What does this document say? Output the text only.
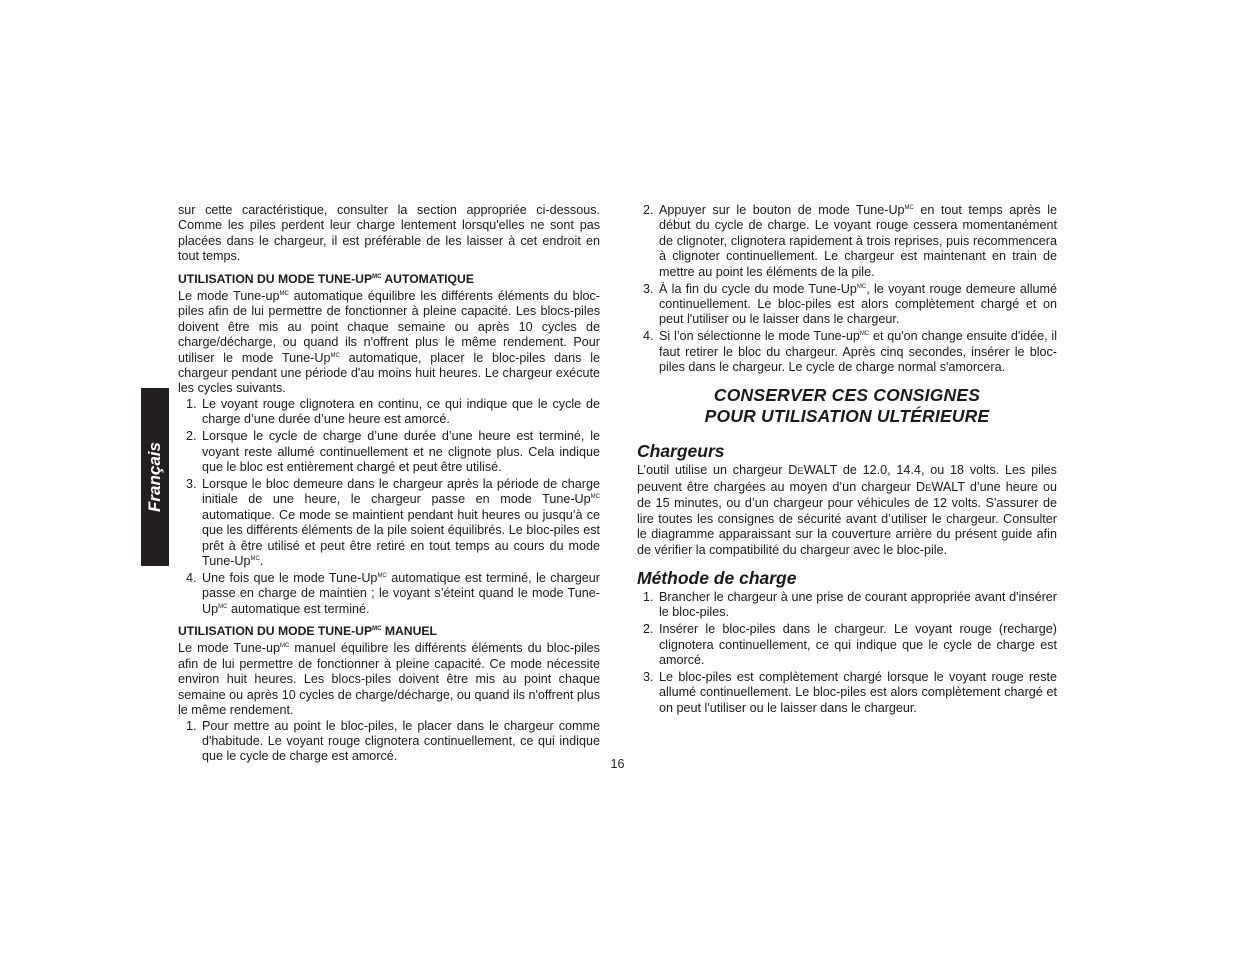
Français

sur cette caractéristique, consulter la section appropriée ci-dessous. Comme les piles perdent leur charge lentement lorsqu'elles ne sont pas placées dans le chargeur, il est préférable de les laisser à cet endroit en tout temps.

UTILISATION DU MODE TUNE-$UP^{MC}$ AUTOMATIQUE

Le mode Tune-$up^{MC}$ automatique équilibre les différents éléments du bloc-piles afin de lui permettre de fonctionner à pleine capacité. Les blocs-piles doivent être mis au point chaque semaine ou après 10 cycles de charge/décharge, ou quand ils n'offrent plus le même rendement. Pour utiliser le mode Tune-$Up^{MC}$ automatique, placer le bloc-piles dans le chargeur pendant une période d'au moins huit heures. Le chargeur exécute les cycles suivants.

1. Le voyant rouge clignotera en continu, ce qui indique que le cycle de charge d’une durée d’une heure est amorcé.
2. Lorsque le cycle de charge d’une durée d’une heure est terminé, le voyant reste allumé continuellement et ne clignote plus. Cela indique que le bloc est entièrement chargé et peut être utilisé.
3. Lorsque le bloc demeure dans le chargeur après la période de charge initiale de une heure, le chargeur passe en mode Tune-$Up^{MC}$ automatique. Ce mode se maintient pendant huit heures ou jusqu’à ce que les différents éléments de la pile soient équilibrés. Le bloc-piles est prêt à être utilisé et peut être retiré en tout temps au cours du mode Tune-$Up^{MC}$.
4. Une fois que le mode Tune-$Up^{MC}$ automatique est terminé, le chargeur passe en charge de maintien ; le voyant s’éteint quand le mode Tune-$Up^{MC}$ automatique est terminé.
UTILISATION DU MODE TUNE-$UP^{MC}$ MANUEL

Le mode Tune-$up^{MC}$ manuel équilibre les différents éléments du bloc-piles afin de lui permettre de fonctionner à pleine capacité. Ce mode nécessite environ huit heures. Les blocs-piles doivent être mis au point chaque semaine ou après 10 cycles de charge/décharge, ou quand ils n'offrent plus le même rendement.

1. Pour mettre au point le bloc-piles, le placer dans le chargeur comme d'habitude. Le voyant rouge clignotera continuellement, ce qui indique que le cycle de charge est amorcé.
2. Appuyer sur le bouton de mode Tune-$Up^{MC}$ en tout temps après le début du cycle de charge. Le voyant rouge cessera momentanément de clignoter, clignotera rapidement à trois reprises, puis recommencera à clignoter continuellement. Le chargeur est maintenant en train de mettre au point les éléments de la pile.
3. À la fin du cycle du mode Tune-$Up^{MC}$, le voyant rouge demeure allumé continuellement. Le bloc-piles est alors complètement chargé et on peut l'utiliser ou le laisser dans le chargeur.
4. Si l’on sélectionne le mode Tune-$up^{MC}$ et qu'on change ensuite d'idée, il faut retirer le bloc du chargeur. Après cinq secondes, insérer le bloc-piles dans le chargeur. Le cycle de charge normal s'amorcera.
CONSERVER CES CONSIGNES
POUR UTILISATION ULTÉRIEURE
Chargeurs

L’outil utilise un chargeur DEWALT de 12.0, 14.4, ou 18 volts. Les piles peuvent être chargées au moyen d’un chargeur DEWALT d’une heure ou de 15 minutes, ou d’un chargeur pour véhicules de 12 volts. S'assurer de lire toutes les consignes de sécurité avant d’utiliser le chargeur. Consulter le diagramme apparaissant sur la couverture arrière du présent guide afin de vérifier la compatibilité du chargeur avec le bloc-pile.

Méthode de charge
1. Brancher le chargeur à une prise de courant appropriée avant d'insérer le bloc-piles.
2. Insérer le bloc-piles dans le chargeur. Le voyant rouge (recharge) clignotera continuellement, ce qui indique que le cycle de charge est amorcé.
3. Le bloc-piles est complètement chargé lorsque le voyant rouge reste allumé continuellement. Le bloc-piles est alors complètement chargé et on peut l'utiliser ou le laisser dans le chargeur.
16
